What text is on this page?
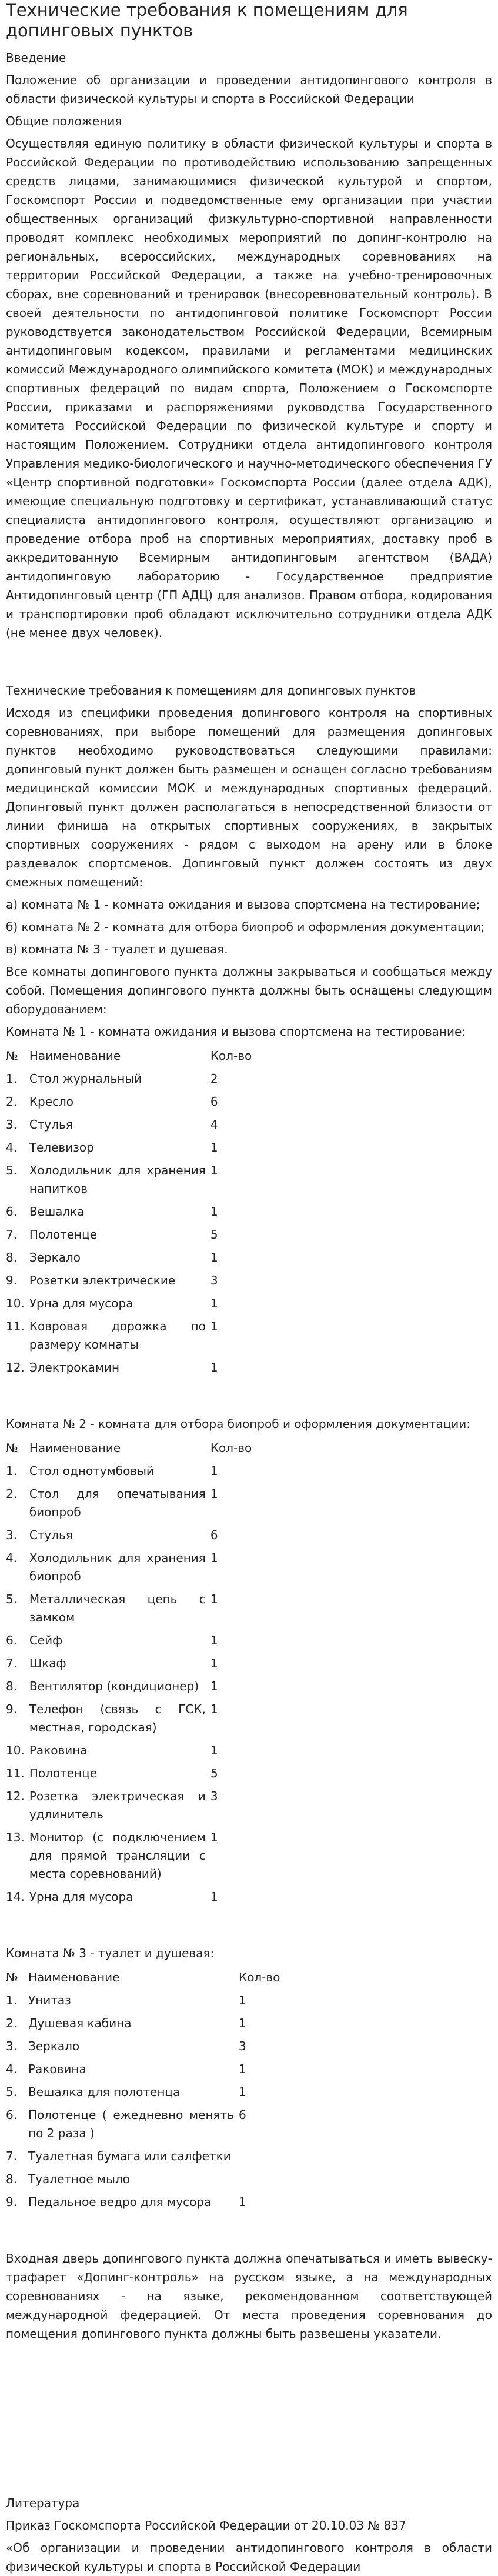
Технические требования к помещениям для допинговых пунктов

Введение

Положение об организации и проведении антидопингового контроля в области физической культуры и спорта в Российской Федерации

Общие положения

Осуществляя единую политику в области физической культуры и спорта в Российской Федерации по противодействию использованию запрещенных средств лицами, занимающимися физической культурой и спортом, Госкомспорт России и подведомственные ему организации при участии общественных организаций физкультурно-спортивной направленности проводят комплекс необходимых мероприятий по допинг-контролю на региональных, всероссийских, международных соревнованиях на территории Российской Федерации, а также на учебно-тренировочных сборах, вне соревнований и тренировок (внесоревновательный контроль). В своей деятельности по антидопинговой политике Госкомспорт России руководствуется законодательством Российской Федерации, Всемирным антидопинговым кодексом, правилами и регламентами медицинских комиссий Международного олимпийского комитета (МОК) и международных спортивных федераций по видам спорта, Положением о Госкомспорте России, приказами и распоряжениями руководства Государственного комитета Российской Федерации по физической культуре и спорту и настоящим Положением. Сотрудники отдела антидопингового контроля Управления медико-биологического и научно-методического обеспечения ГУ «Центр спортивной подготовки» Госкомспорта России (далее отдела АДК), имеющие специальную подготовку и сертификат, устанавливающий статус специалиста антидопингового контроля, осуществляют организацию и проведение отбора проб на спортивных мероприятиях, доставку проб в аккредитованную Всемирным антидопинговым агентством (ВАДА) антидопинговую лабораторию - Государственное предприятие Антидопинговый центр (ГП АДЦ) для анализов. Правом отбора, кодирования и транспортировки проб обладают исключительно сотрудники отдела АДК (не менее двух человек).

Технические требования к помещениям для допинговых пунктов

Исходя из специфики проведения допингового контроля на спортивных соревнованиях, при выборе помещений для размещения допинговых пунктов необходимо руководствоваться следующими правилами: допинговый пункт должен быть размещен и оснащен согласно требованиям медицинской комиссии МОК и международных спортивных федераций. Допинговый пункт должен располагаться в непосредственной близости от линии финиша на открытых спортивных сооружениях, в закрытых спортивных сооружениях - рядом с выходом на арену или в блоке раздевалок спортсменов. Допинговый пункт должен состоять из двух смежных помещений:

а) комната № 1 - комната ожидания и вызова спортсмена на тестирование;

б) комната № 2 - комната для отбора биопроб и оформления документации;

в) комната № 3 - туалет и душевая.

Все комнаты допингового пункта должны закрываться и сообщаться между собой. Помещения допингового пункта должны быть оснащены следующим оборудованием:

Комната № 1 - комната ожидания и вызова спортсмена на тестирование:

№	Наименование	Кол-во
1.	Стол журнальный	2
2.	Кресло	6
3.	Стулья	4
4.	Телевизор	1
5.	Холодильник для хранения напитков	1
6.	Вешалка	1
7.	Полотенце	5
8.	Зеркало	1
9.	Розетки электрические	3
10.	Урна для мусора	1
11.	Ковровая дорожка по размеру комнаты	1
12.	Электрокамин	1

Комната № 2 - комната для отбора биопроб и оформления документации:

№	Наименование	Кол-во
1.	Стол однотумбовый	1
2.	Стол для опечатывания биопроб	1
3.	Стулья	6
4.	Холодильник для хранения биопроб	1
5.	Металлическая цепь с замком	1
6.	Сейф	1
7.	Шкаф	1
8.	Вентилятор (кондиционер)	1
9.	Телефон (связь с ГСК, местная, городская)	1
10.	Раковина	1
11.	Полотенце	5
12.	Розетка электрическая и удлинитель	3
13.	Монитор (с подключением для прямой трансляции с места соревнований)	1
14.	Урна для мусора	1

Комната № 3 - туалет и душевая:

№	Наименование	Кол-во
1.	Унитаз	1
2.	Душевая кабина	1
3.	Зеркало	3
4.	Раковина	1
5.	Вешалка для полотенца	1
6.	Полотенце ( ежедневно менять по 2 раза )	6
7.	Туалетная бумага или салфетки	
8.	Туалетное мыло	
9.	Педальное ведро для мусора	1

Входная дверь допингового пункта должна опечатываться и иметь вывеску-трафарет «Допинг-контроль» на русском языке, а на международных соревнованиях - на языке, рекомендованном соответствующей международной федерацией. От места проведения соревнования до помещения допингового пункта должны быть развешены указатели.

Литература

Приказ Госкомспорта Российской Федерации от 20.10.03 № 837

«Об организации и проведении антидопингового контроля в области физической культуры и спорта в Российской Федерации
